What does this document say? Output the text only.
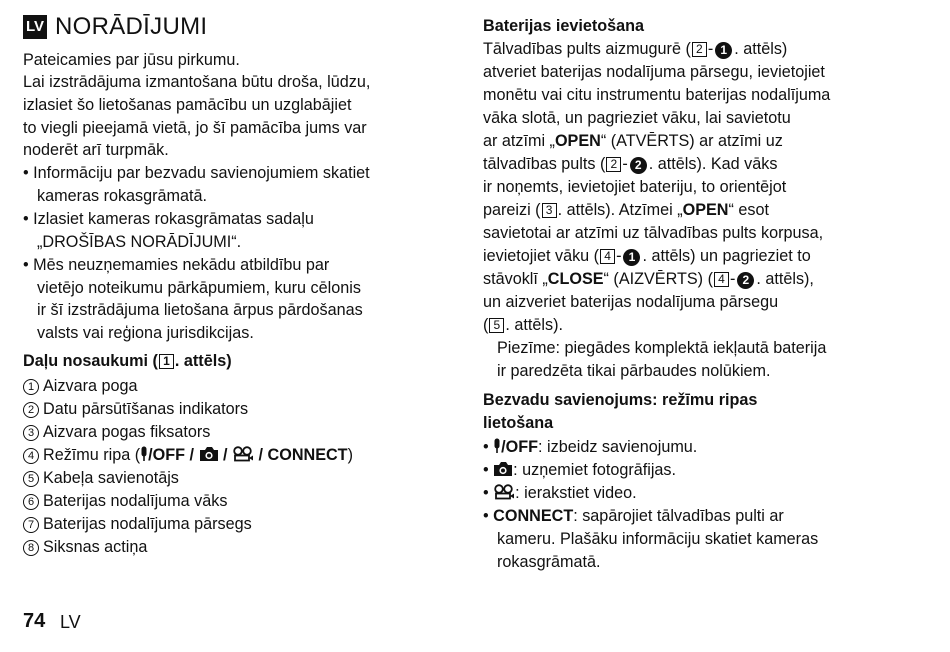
LV NORĀDĪJUMI
Pateicamies par jūsu pirkumu.
Lai izstrādājuma izmantošana būtu droša, lūdzu,
izlasiet šo lietošanas pamācību un uzglabājiet
to viegli pieejamā vietā, jo šī pamācība jums var
noderēt arī turpmāk.
• Informāciju par bezvadu savienojumiem skatiet
kameras rokasgrāmatā.
• Izlasiet kameras rokasgrāmatas sadaļu
„DROŠĪBAS NORĀDĪJUMI“.
• Mēs neuzņemamies nekādu atbildību par
vietējo noteikumu pārkāpumiem, kuru cēlonis
ir šī izstrādājuma lietošana ārpus pārdošanas
valsts vai reģiona jurisdikcijas.
Daļu nosaukumi ( 1 . attēls)
1 Aizvara poga
2 Datu pārsūtīšanas indikators
3 Aizvara pogas fiksators
4 Režīmu ripa ( /OFF /  /  / CONNECT)
5 Kabeļa savienotājs
6 Baterijas nodalījuma vāks
7 Baterijas nodalījuma pārsegs
8 Siksnas actiņa
Baterijas ievietošana
Tālvadības pults aizmugurē ( 2 - 1 . attēls)
atveriet baterijas nodalījuma pārsegu, ievietojiet
monētu vai citu instrumentu baterijas nodalījuma
vāka slotā, un pagrieziet vāku, lai savietotu
ar atzīmi „OPEN“ (ATVĒRTS) ar atzīmi uz
tālvadības pults ( 2 - 2 . attēls). Kad vāks
ir noņemts, ievietojiet bateriju, to orientējot
pareizi ( 3 . attēls). Atzīmei „OPEN“ esot
savietotai ar atzīmi uz tālvadības pults korpusa,
ievietojiet vāku ( 4 - 1 . attēls) un pagrieziet to
stāvoklī „CLOSE“ (AIZVĒRTS) ( 4 - 2 . attēls),
un aizveriet baterijas nodalījuma pārsegu
( 5 . attēls).
Piezīme: piegādes komplektā iekļautā baterija
ir paredzēta tikai pārbaudes nolūkiem.
Bezvadu savienojums: režīmu ripas
lietošana
• /OFF: izbeidz savienojumu.
• : uzņemiet fotogrāfijas.
• : ierakstiet video.
• CONNECT: sapārojiet tālvadības pulti ar
kameru. Plašāku informāciju skatiet kameras
rokasgrāmatā.
74 LV
